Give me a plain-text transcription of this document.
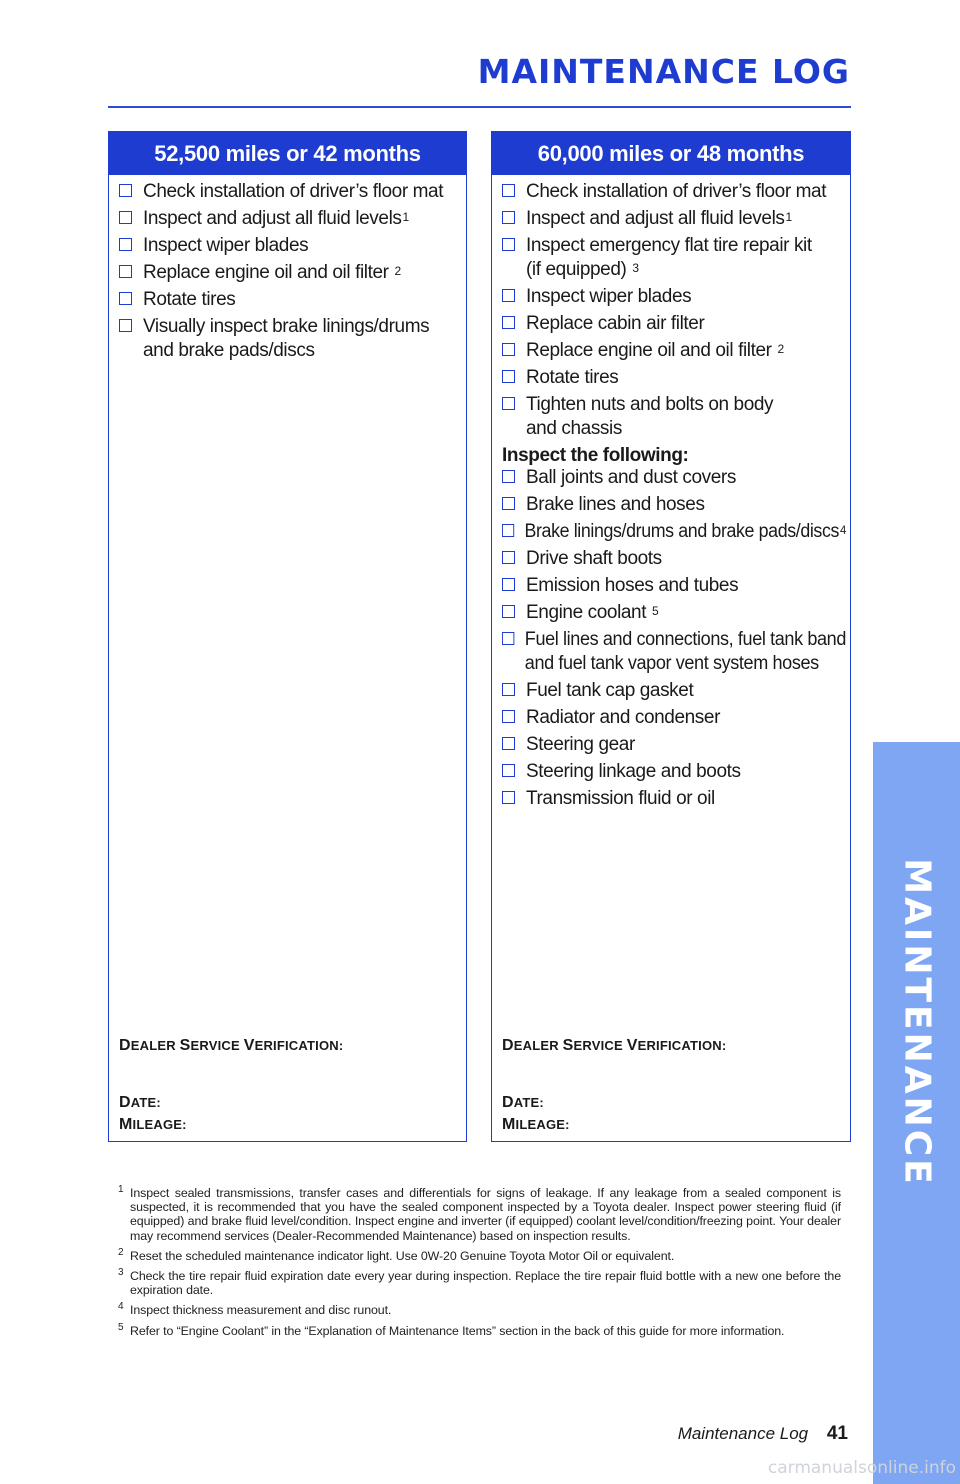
MAINTENANCE LOG
52,500 miles or 42 months
Check installation of driver’s floor mat
Inspect and adjust all fluid levels$^1$
Inspect wiper blades
Replace engine oil and oil filter $^2$
Rotate tires
Visually inspect brake linings/drums
and brake pads/discs
DEALER SERVICE VERIFICATION:
DATE:
MILEAGE:
60,000 miles or 48 months
Check installation of driver’s floor mat
Inspect and adjust all fluid levels$^1$
Inspect emergency flat tire repair kit
(if equipped) $^3$
Inspect wiper blades
Replace cabin air filter
Replace engine oil and oil filter $^2$
Rotate tires
Tighten nuts and bolts on body
and chassis
Inspect the following:
Ball joints and dust covers
Brake lines and hoses
Brake linings/drums and brake pads/discs$^4$
Drive shaft boots
Emission hoses and tubes
Engine coolant $^5$
Fuel lines and connections, fuel tank band
and fuel tank vapor vent system hoses
Fuel tank cap gasket
Radiator and condenser
Steering gear
Steering linkage and boots
Transmission fluid or oil
DEALER SERVICE VERIFICATION:
DATE:
MILEAGE:
1 Inspect sealed transmissions, transfer cases and differentials for signs of leakage. If any leakage from a sealed component is suspected, it is recommended that you have the sealed component inspected by a Toyota dealer. Inspect power steering fluid (if equipped) and brake fluid level/condition. Inspect engine and inverter (if equipped) coolant level/condition/freezing point. Your dealer may recommend services (Dealer-Recommended Maintenance) based on inspection results.
2 Reset the scheduled maintenance indicator light. Use 0W-20 Genuine Toyota Motor Oil or equivalent.
3 Check the tire repair fluid expiration date every year during inspection. Replace the tire repair fluid bottle with a new one before the expiration date.
4 Inspect thickness measurement and disc runout.
5 Refer to “Engine Coolant” in the “Explanation of Maintenance Items” section in the back of this guide for more information.
Maintenance Log 41
MAINTENANCE
carmanualsonline.info
